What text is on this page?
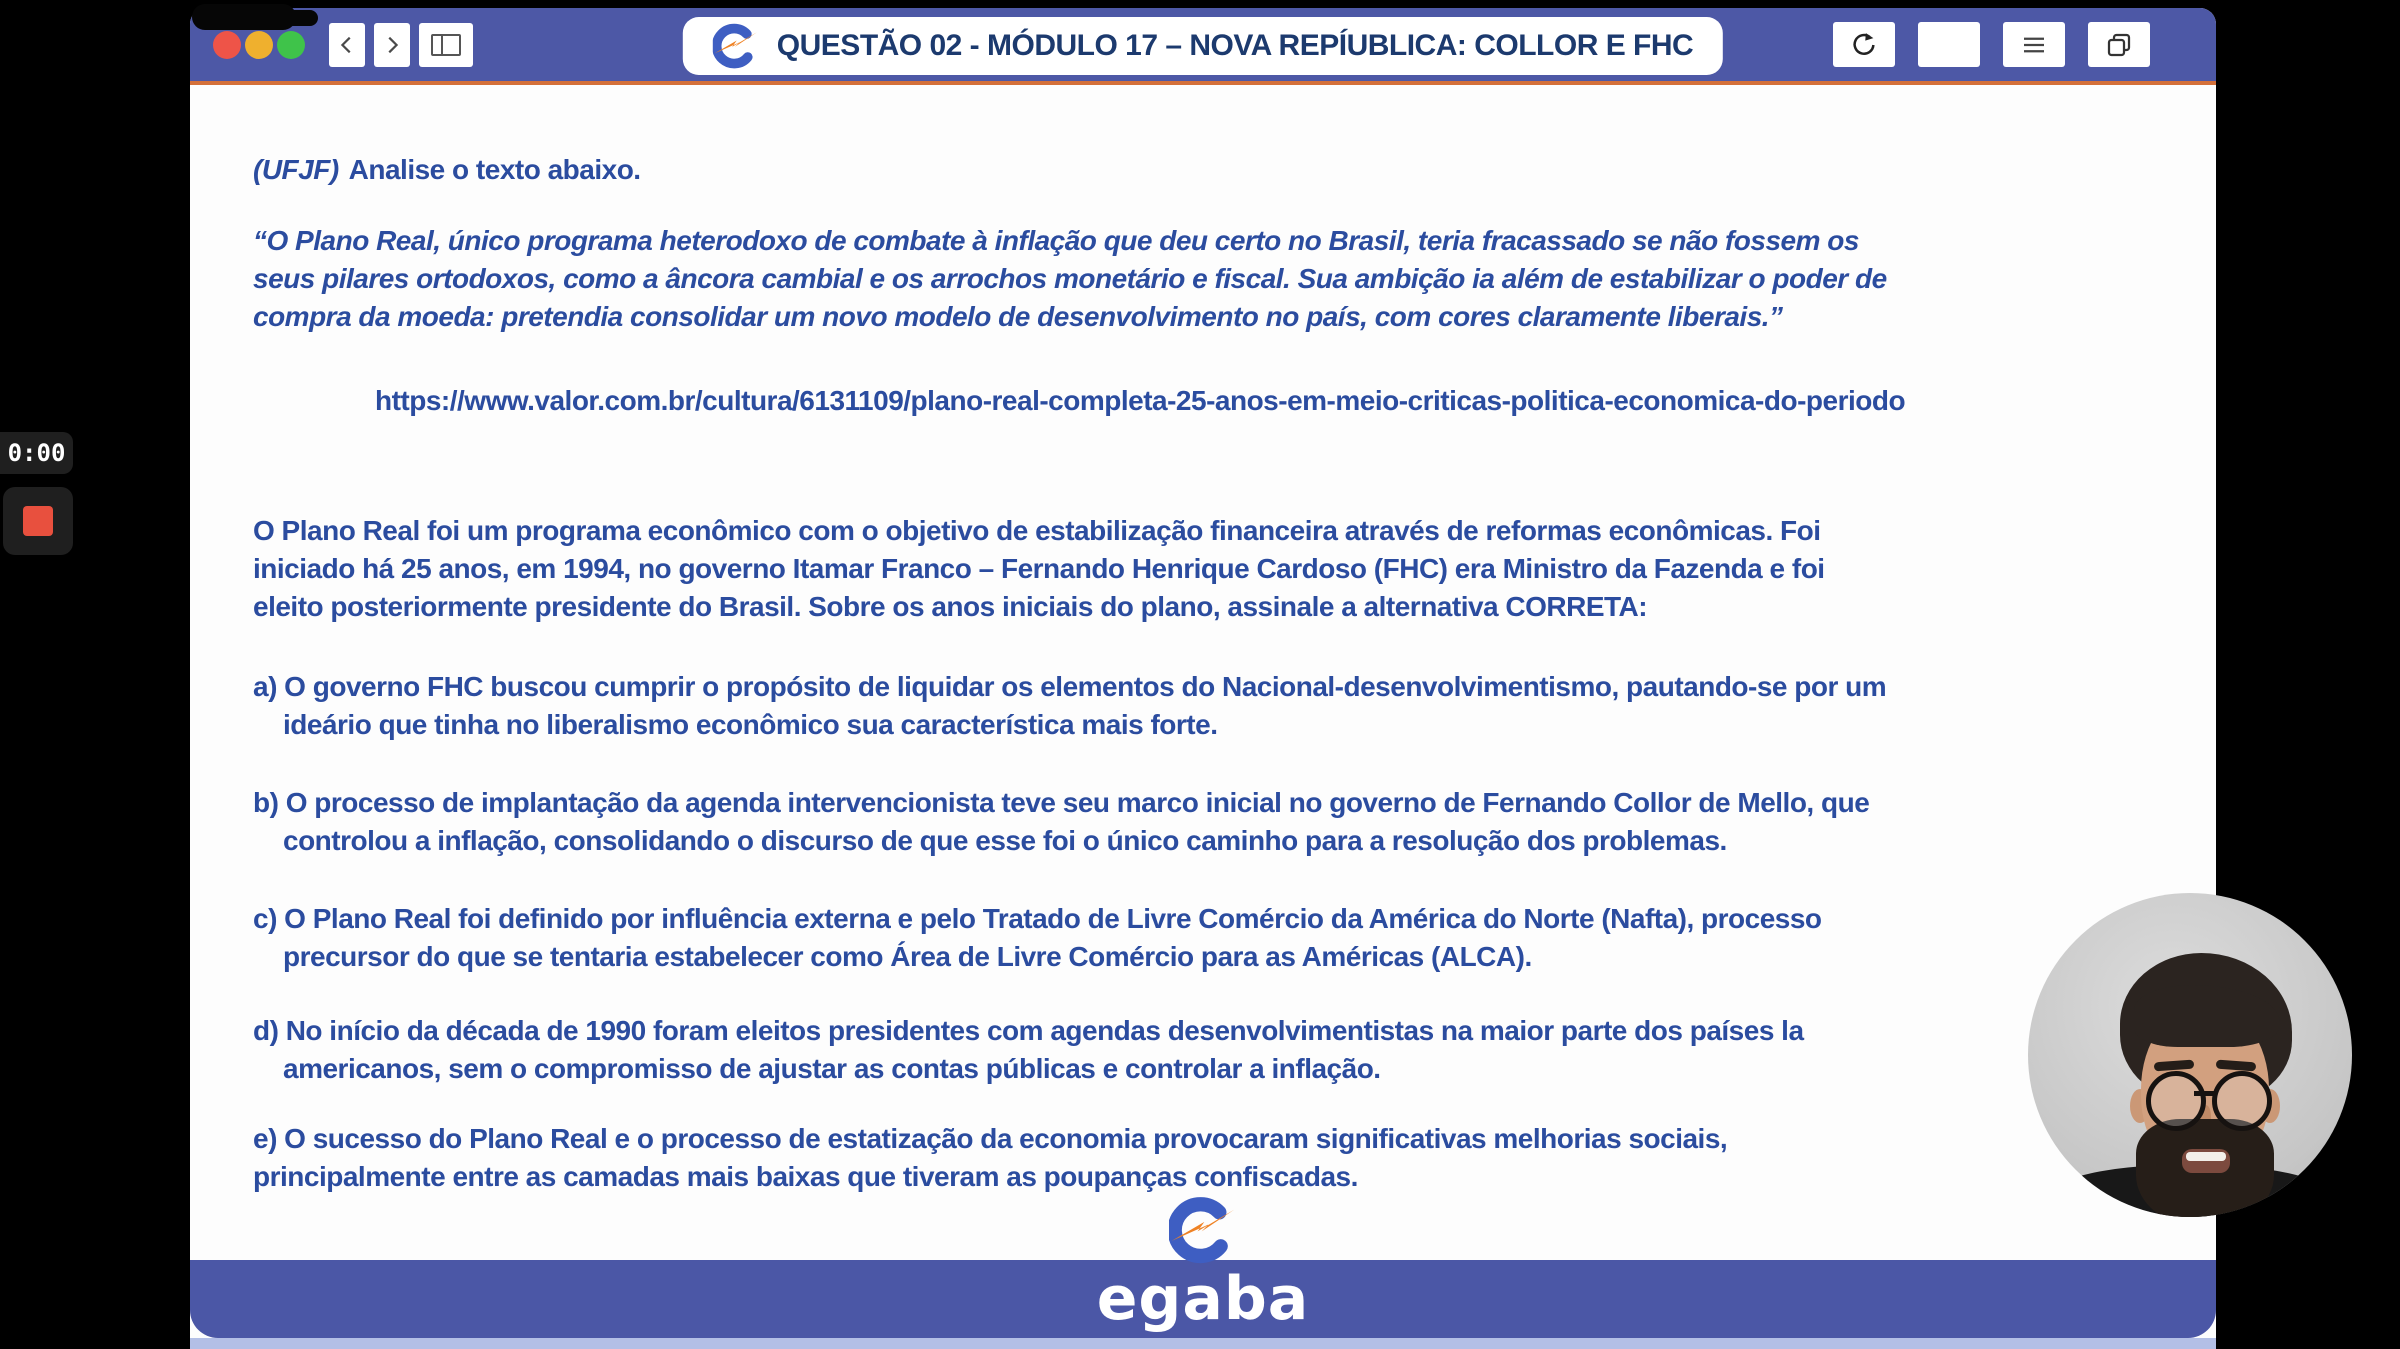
0:00
QUESTÃO 02 - MÓDULO 17 – NOVA REPÍUBLICA: COLLOR E FHC
(UFJF) Analise o texto abaixo.
“O Plano Real, único programa heterodoxo de combate à inflação que deu certo no Brasil, teria fracassado se não fossem os
seus pilares ortodoxos, como a âncora cambial e os arrochos monetário e fiscal. Sua ambição ia além de estabilizar o poder de
compra da moeda: pretendia consolidar um novo modelo de desenvolvimento no país, com cores claramente liberais.”
https://www.valor.com.br/cultura/6131109/plano-real-completa-25-anos-em-meio-criticas-politica-economica-do-periodo
O Plano Real foi um programa econômico com o objetivo de estabilização financeira através de reformas econômicas. Foi
iniciado há 25 anos, em 1994, no governo Itamar Franco – Fernando Henrique Cardoso (FHC) era Ministro da Fazenda e foi
eleito posteriormente presidente do Brasil. Sobre os anos iniciais do plano, assinale a alternativa CORRETA:
a) O governo FHC buscou cumprir o propósito de liquidar os elementos do Nacional-desenvolvimentismo, pautando-se por um
ideário que tinha no liberalismo econômico sua característica mais forte.
b) O processo de implantação da agenda intervencionista teve seu marco inicial no governo de Fernando Collor de Mello, que
controlou a inflação, consolidando o discurso de que esse foi o único caminho para a resolução dos problemas.
c) O Plano Real foi definido por influência externa e pelo Tratado de Livre Comércio da América do Norte (Nafta), processo
precursor do que se tentaria estabelecer como Área de Livre Comércio para as Américas (ALCA).
d) No início da década de 1990 foram eleitos presidentes com agendas desenvolvimentistas na maior parte dos países la
americanos, sem o compromisso de ajustar as contas públicas e controlar a inflação.
e) O sucesso do Plano Real e o processo de estatização da economia provocaram significativas melhorias sociais,
principalmente entre as camadas mais baixas que tiveram as poupanças confiscadas.
egaba
